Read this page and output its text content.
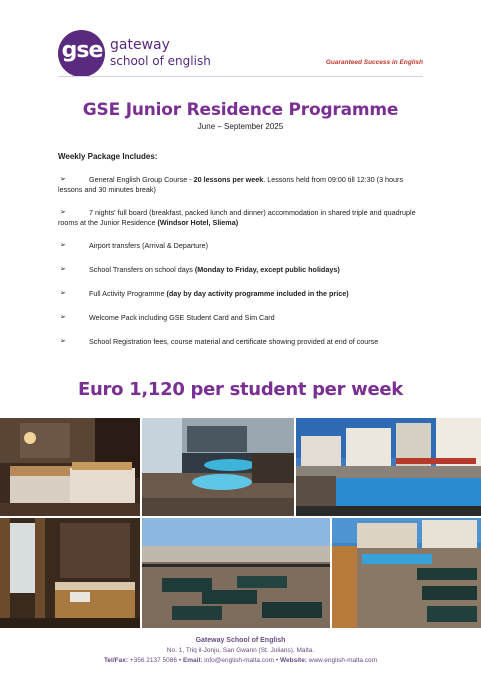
gse gateway
school of english	Guaranteed Success in English
GSE Junior Residence Programme
June – September 2025
Weekly Package Includes:
➢	General English Group Course - 20 lessons per week. Lessons held from 09:00 till 12:30 (3 hours lessons and 30 minutes break)
➢	7 nights' full board (breakfast, packed lunch and dinner) accommodation in shared triple and quadruple rooms at the Junior Residence (Windsor Hotel, Sliema)
➢	Airport transfers (Arrival & Departure)
➢	School Transfers on school days (Monday to Friday, except public holidays)
➢	Full Activity Programme (day by day activity programme included in the price)
➢	Welcome Pack including GSE Student Card and Sim Card
➢	School Registration fees, course material and certificate showing provided at end of course
Euro 1,120 per student per week
Gateway School of English
No. 1, Triq il-Jonju, San Gwann (St. Julians), Malta.
Tel/Fax: +356 2137 5086 • Email: info@english-malta.com • Website: www.english-malta.com
